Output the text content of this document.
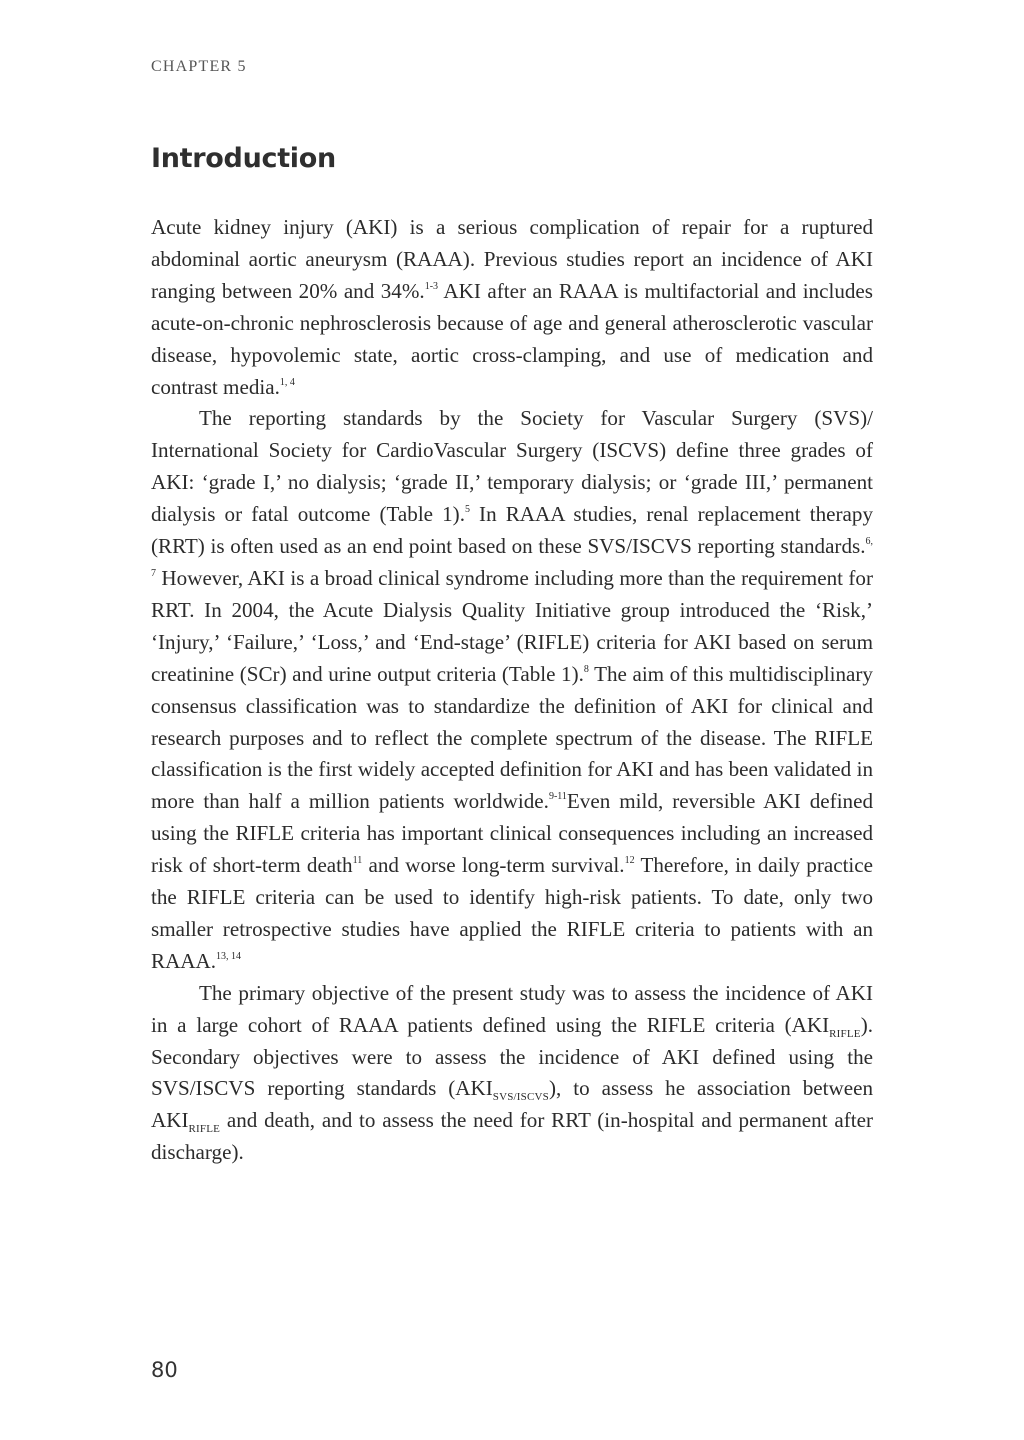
CHAPTER 5
Introduction

Acute kidney injury (AKI) is a serious complication of repair for a ruptured abdominal aortic aneurysm (RAAA). Previous studies report an incidence of AKI ranging between 20% and 34%.$^{1-3}$ AKI after an RAAA is multifactorial and includes acute-on-chronic nephrosclerosis because of age and general atherosclerotic vascular disease, hypovolemic state, aortic cross-clamping, and use of medication and contrast media.$^{1, 4}$

The reporting standards by the Society for Vascular Surgery (SVS)/ International Society for CardioVascular Surgery (ISCVS) define three grades of AKI: ‘grade I,’ no dialysis; ‘grade II,’ temporary dialysis; or ‘grade III,’ permanent dialysis or fatal outcome (Table 1).$^5$ In RAAA studies, renal replacement therapy (RRT) is often used as an end point based on these SVS/ISCVS reporting standards.$^{6, 7}$ However, AKI is a broad clinical syndrome including more than the requirement for RRT. In 2004, the Acute Dialysis Quality Initiative group introduced the ‘Risk,’ ‘Injury,’ ‘Failure,’ ‘Loss,’ and ‘End-stage’ (RIFLE) criteria for AKI based on serum creatinine (SCr) and urine output criteria (Table 1).$^8$ The aim of this multidisciplinary consensus classification was to standardize the definition of AKI for clinical and research purposes and to reflect the complete spectrum of the disease. The RIFLE classification is the first widely accepted definition for AKI and has been validated in more than half a million patients worldwide.$^{9-11}$Even mild, reversible AKI defined using the RIFLE criteria has important clinical consequences including an increased risk of short-term death$^{11}$ and worse long-term survival.$^{12}$ Therefore, in daily practice the RIFLE criteria can be used to identify high-risk patients. To date, only two smaller retrospective studies have applied the RIFLE criteria to patients with an RAAA.$^{13, 14}$

The primary objective of the present study was to assess the incidence of AKI in a large cohort of RAAA patients defined using the RIFLE criteria $(AKI_{RIFLE})$. Secondary objectives were to assess the incidence of AKI defined using the SVS/ISCVS reporting standards $(AKI_{SVS/ISCVS})$, to assess he association between $AKI_{RIFLE}$ and death, and to assess the need for RRT (in-hospital and permanent after discharge).

80
